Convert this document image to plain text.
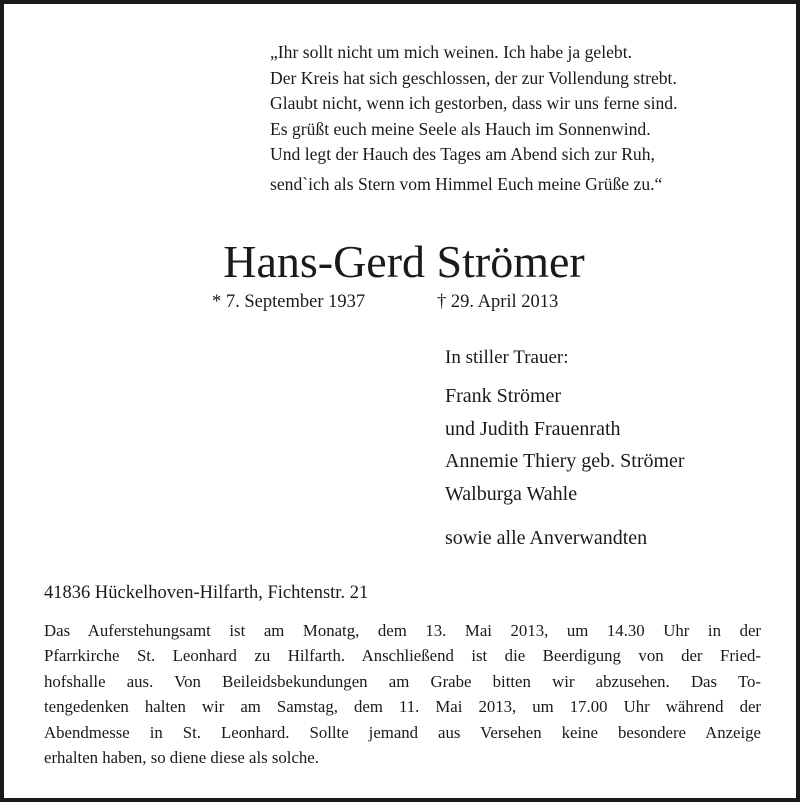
„Ihr sollt nicht um mich weinen. Ich habe ja gelebt.
Der Kreis hat sich geschlossen, der zur Vollendung strebt.
Glaubt nicht, wenn ich gestorben, dass wir uns ferne sind.
Es grüßt euch meine Seele als Hauch im Sonnenwind.
Und legt der Hauch des Tages am Abend sich zur Ruh,
send`ich als Stern vom Himmel Euch meine Grüße zu.“
Hans-Gerd Strömer
* 7. September 1937	† 29. April 2013
In stiller Trauer:
Frank Strömer
und Judith Frauenrath
Annemie Thiery geb. Strömer
Walburga Wahle
sowie alle Anverwandten
41836 Hückelhoven-Hilfarth, Fichtenstr. 21
Das Auferstehungsamt ist am Monatg, dem 13. Mai 2013, um 14.30 Uhr in der
Pfarrkirche St. Leonhard zu Hilfarth. Anschließend ist die Beerdigung von der Fried-
hofshalle aus. Von Beileidsbekundungen am Grabe bitten wir abzusehen. Das To-
tengedenken halten wir am Samstag, dem 11. Mai 2013, um 17.00 Uhr während der
Abendmesse in St. Leonhard. Sollte jemand aus Versehen keine besondere Anzeige
erhalten haben, so diene diese als solche.
